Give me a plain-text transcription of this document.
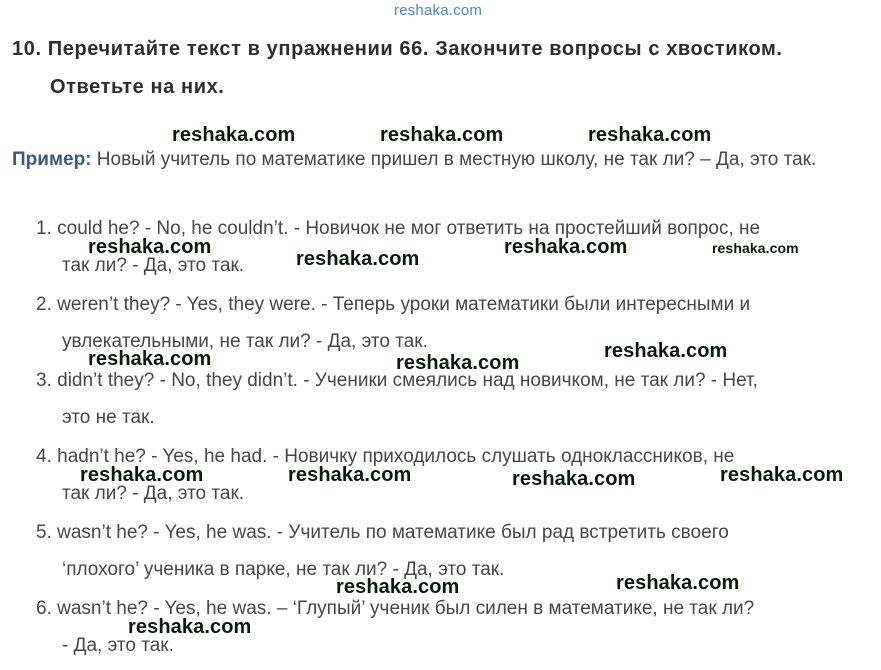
reshaka.com
10. Перечитайте текст в упражнении 66. Закончите вопросы с хвостиком.
Ответьте на них.
Пример: Новый учитель по математике пришел в местную школу, не так ли? – Да, это так.
1. could he? - No, he couldn’t. - Новичок не мог ответить на простейший вопрос, не
так ли? - Да, это так.
2. weren’t they? - Yes, they were. - Теперь уроки математики были интересными и
увлекательными, не так ли? - Да, это так.
3. didn’t they? - No, they didn’t. - Ученики смеялись над новичком, не так ли? - Нет,
это не так.
4. hadn’t he? - Yes, he had. - Новичку приходилось слушать одноклассников, не
так ли? - Да, это так.
5. wasn’t he? - Yes, he was. - Учитель по математике был рад встретить своего
‘плохого’ ученика в парке, не так ли? - Да, это так.
6. wasn’t he? - Yes, he was. – ‘Глупый’ ученик был силен в математике, не так ли?
- Да, это так.
reshaka.com	reshaka.com	reshaka.com
reshaka.com	reshaka.com	reshaka.com
reshaka.com
reshaka.com
reshaka.com	reshaka.com
reshaka.com	reshaka.com	reshaka.com
reshaka.com
reshaka.com
reshaka.com
reshaka.com
